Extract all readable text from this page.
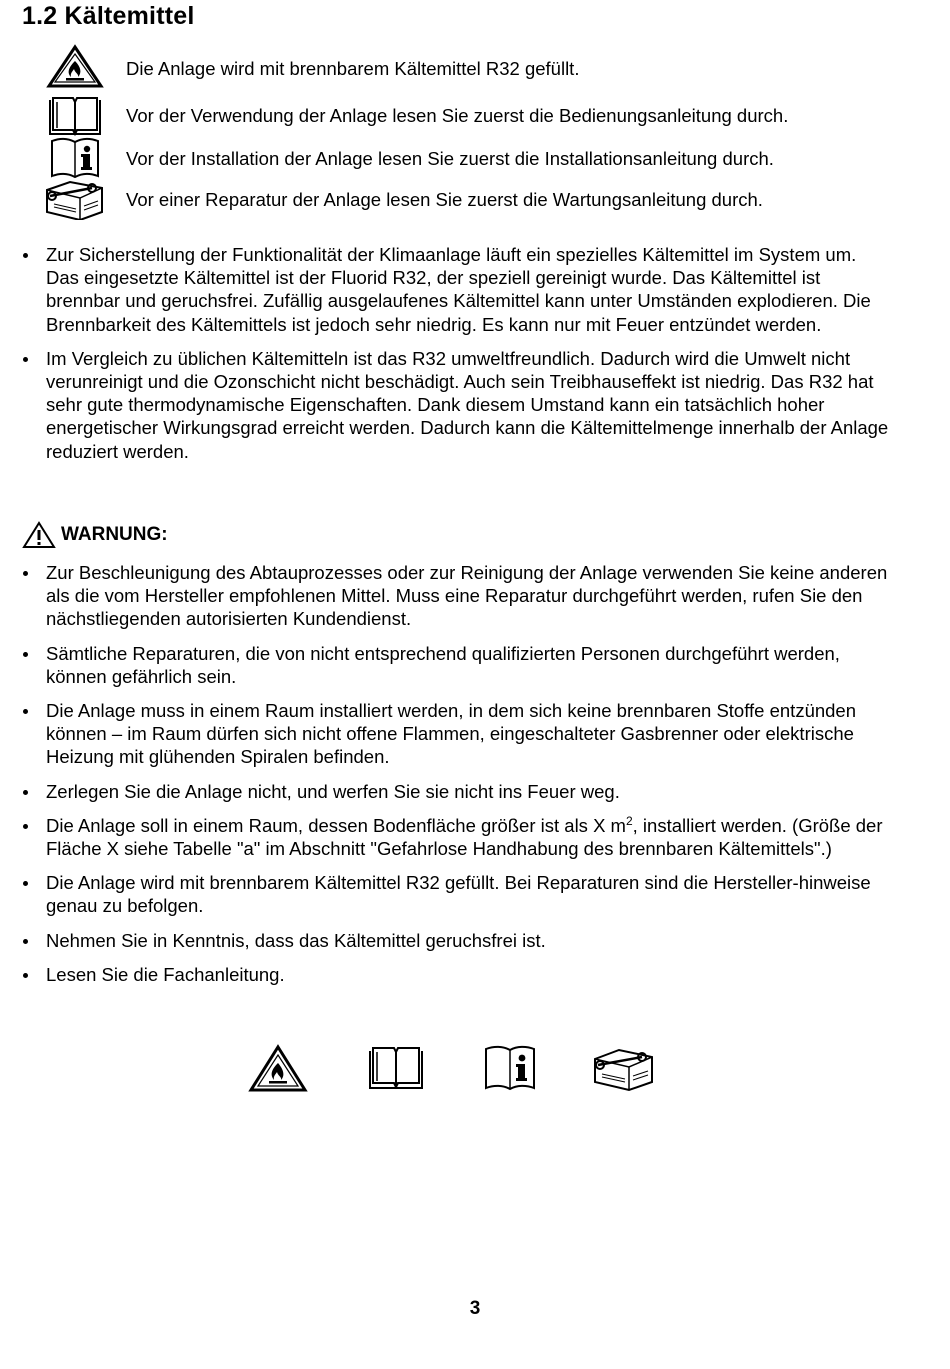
1.2 Kältemittel
Die Anlage wird mit brennbarem Kältemittel R32 gefüllt.
Vor der Verwendung der Anlage lesen Sie zuerst die Bedienungsanleitung durch.
Vor der Installation der Anlage lesen Sie zuerst die Installationsanleitung durch.
Vor einer Reparatur der Anlage lesen Sie zuerst die Wartungsanleitung durch.
Zur Sicherstellung der Funktionalität der Klimaanlage läuft ein spezielles Kältemittel im System um. Das eingesetzte Kältemittel ist der Fluorid R32, der speziell gereinigt wurde. Das Kältemittel ist brennbar und geruchsfrei. Zufällig ausgelaufenes Kältemittel kann unter Umständen explodieren. Die Brennbarkeit des Kältemittels ist jedoch sehr niedrig. Es kann nur mit Feuer entzündet werden.
Im Vergleich zu üblichen Kältemitteln ist das R32 umweltfreundlich. Dadurch wird die Umwelt nicht verunreinigt und die Ozonschicht nicht beschädigt. Auch sein Treibhauseffekt ist niedrig. Das R32 hat sehr gute thermodynamische Eigenschaften. Dank diesem Umstand kann ein tatsächlich hoher energetischer Wirkungsgrad erreicht werden. Dadurch kann die Kältemittelmenge innerhalb der Anlage reduziert werden.
WARNUNG:
Zur Beschleunigung des Abtauprozesses oder zur Reinigung der Anlage verwenden Sie keine anderen als die vom Hersteller empfohlenen Mittel. Muss eine Reparatur durchgeführt werden, rufen Sie den nächstliegenden autorisierten Kundendienst.
Sämtliche Reparaturen, die von nicht entsprechend qualifizierten Personen durchgeführt werden, können gefährlich sein.
Die Anlage muss in einem Raum installiert werden, in dem sich keine brennbaren Stoffe entzünden können – im Raum dürfen sich nicht offene Flammen, eingeschalteter Gasbrenner oder elektrische Heizung mit glühenden Spiralen befinden.
Zerlegen Sie die Anlage nicht, und werfen Sie sie nicht ins Feuer weg.
Die Anlage soll in einem Raum, dessen Bodenfläche größer ist als X $m^2$, installiert werden. (Größe der Fläche X siehe Tabelle "a" im Abschnitt "Gefahrlose Handhabung des brennbaren Kältemittels".)
Die Anlage wird mit brennbarem Kältemittel R32 gefüllt. Bei Reparaturen sind die Hersteller-hinweise genau zu befolgen.
Nehmen Sie in Kenntnis, dass das Kältemittel geruchsfrei ist.
Lesen Sie die Fachanleitung.
3
